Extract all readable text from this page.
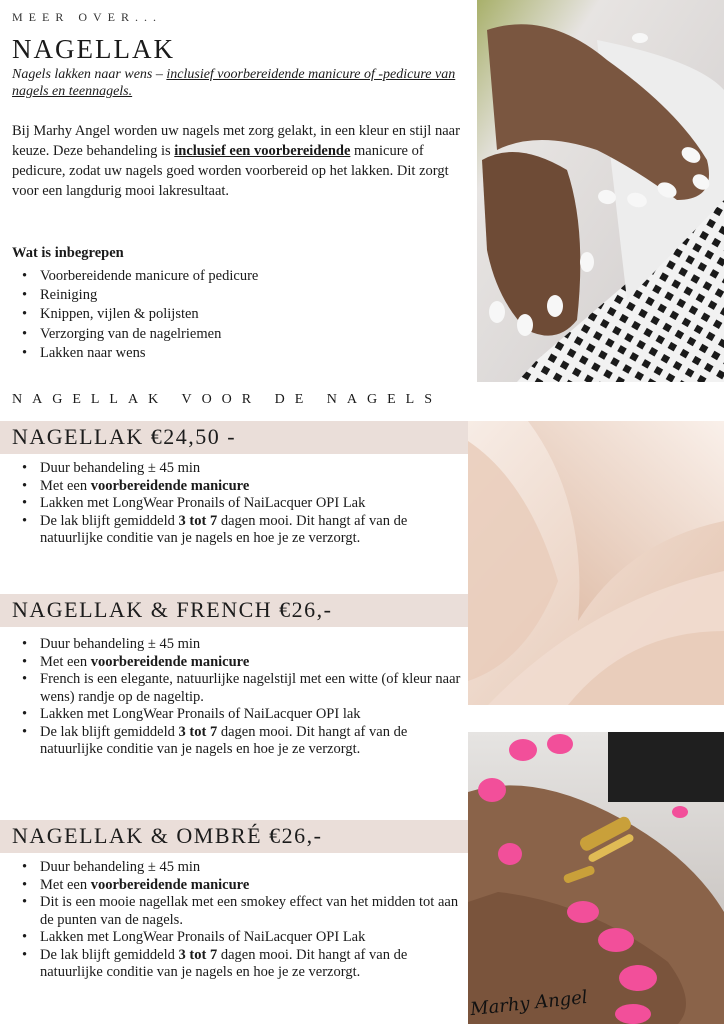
MEER OVER...
NAGELLAK
Nagels lakken naar wens – inclusief voorbereidende manicure of -pedicure van nagels en teennagels.

Bij Marhy Angel worden uw nagels met zorg gelakt, in een kleur en stijl naar keuze. Deze behandeling is inclusief een voorbereidende manicure of pedicure, zodat uw nagels goed worden voorbereid op het lakken. Dit zorgt voor een langdurig mooi lakresultaat.

Wat is inbegrepen
• Voorbereidende manicure of pedicure
• Reiniging
• Knippen, vijlen & polijsten
• Verzorging van de nagelriemen
• Lakken naar wens
NAGELLAK VOOR DE NAGELS
NAGELLAK €24,50 -
• Duur behandeling ± 45 min
• Met een voorbereidende manicure
• Lakken met LongWear Pronails of NaiLacquer OPI Lak
• De lak blijft gemiddeld 3 tot 7 dagen mooi. Dit hangt af van de natuurlijke conditie van je nagels en hoe je ze verzorgt.
NAGELLAK & FRENCH €26,-
• Duur behandeling ± 45 min
• Met een voorbereidende manicure
• French is een elegante, natuurlijke nagelstijl met een witte (of kleur naar wens) randje op de nageltip.
• Lakken met LongWear Pronails of NaiLacquer OPI lak
• De lak blijft gemiddeld 3 tot 7 dagen mooi. Dit hangt af van de natuurlijke conditie van je nagels en hoe je ze verzorgt.
NAGELLAK & OMBRÉ €26,-
• Duur behandeling ± 45 min
• Met een voorbereidende manicure
• Dit is een mooie nagellak met een smokey effect van het midden tot aan de punten van de nagels.
• Lakken met LongWear Pronails of NaiLacquer OPI Lak
• De lak blijft gemiddeld 3 tot 7 dagen mooi. Dit hangt af van de natuurlijke conditie van je nagels en hoe je ze verzorgt.
Marhy Angel
